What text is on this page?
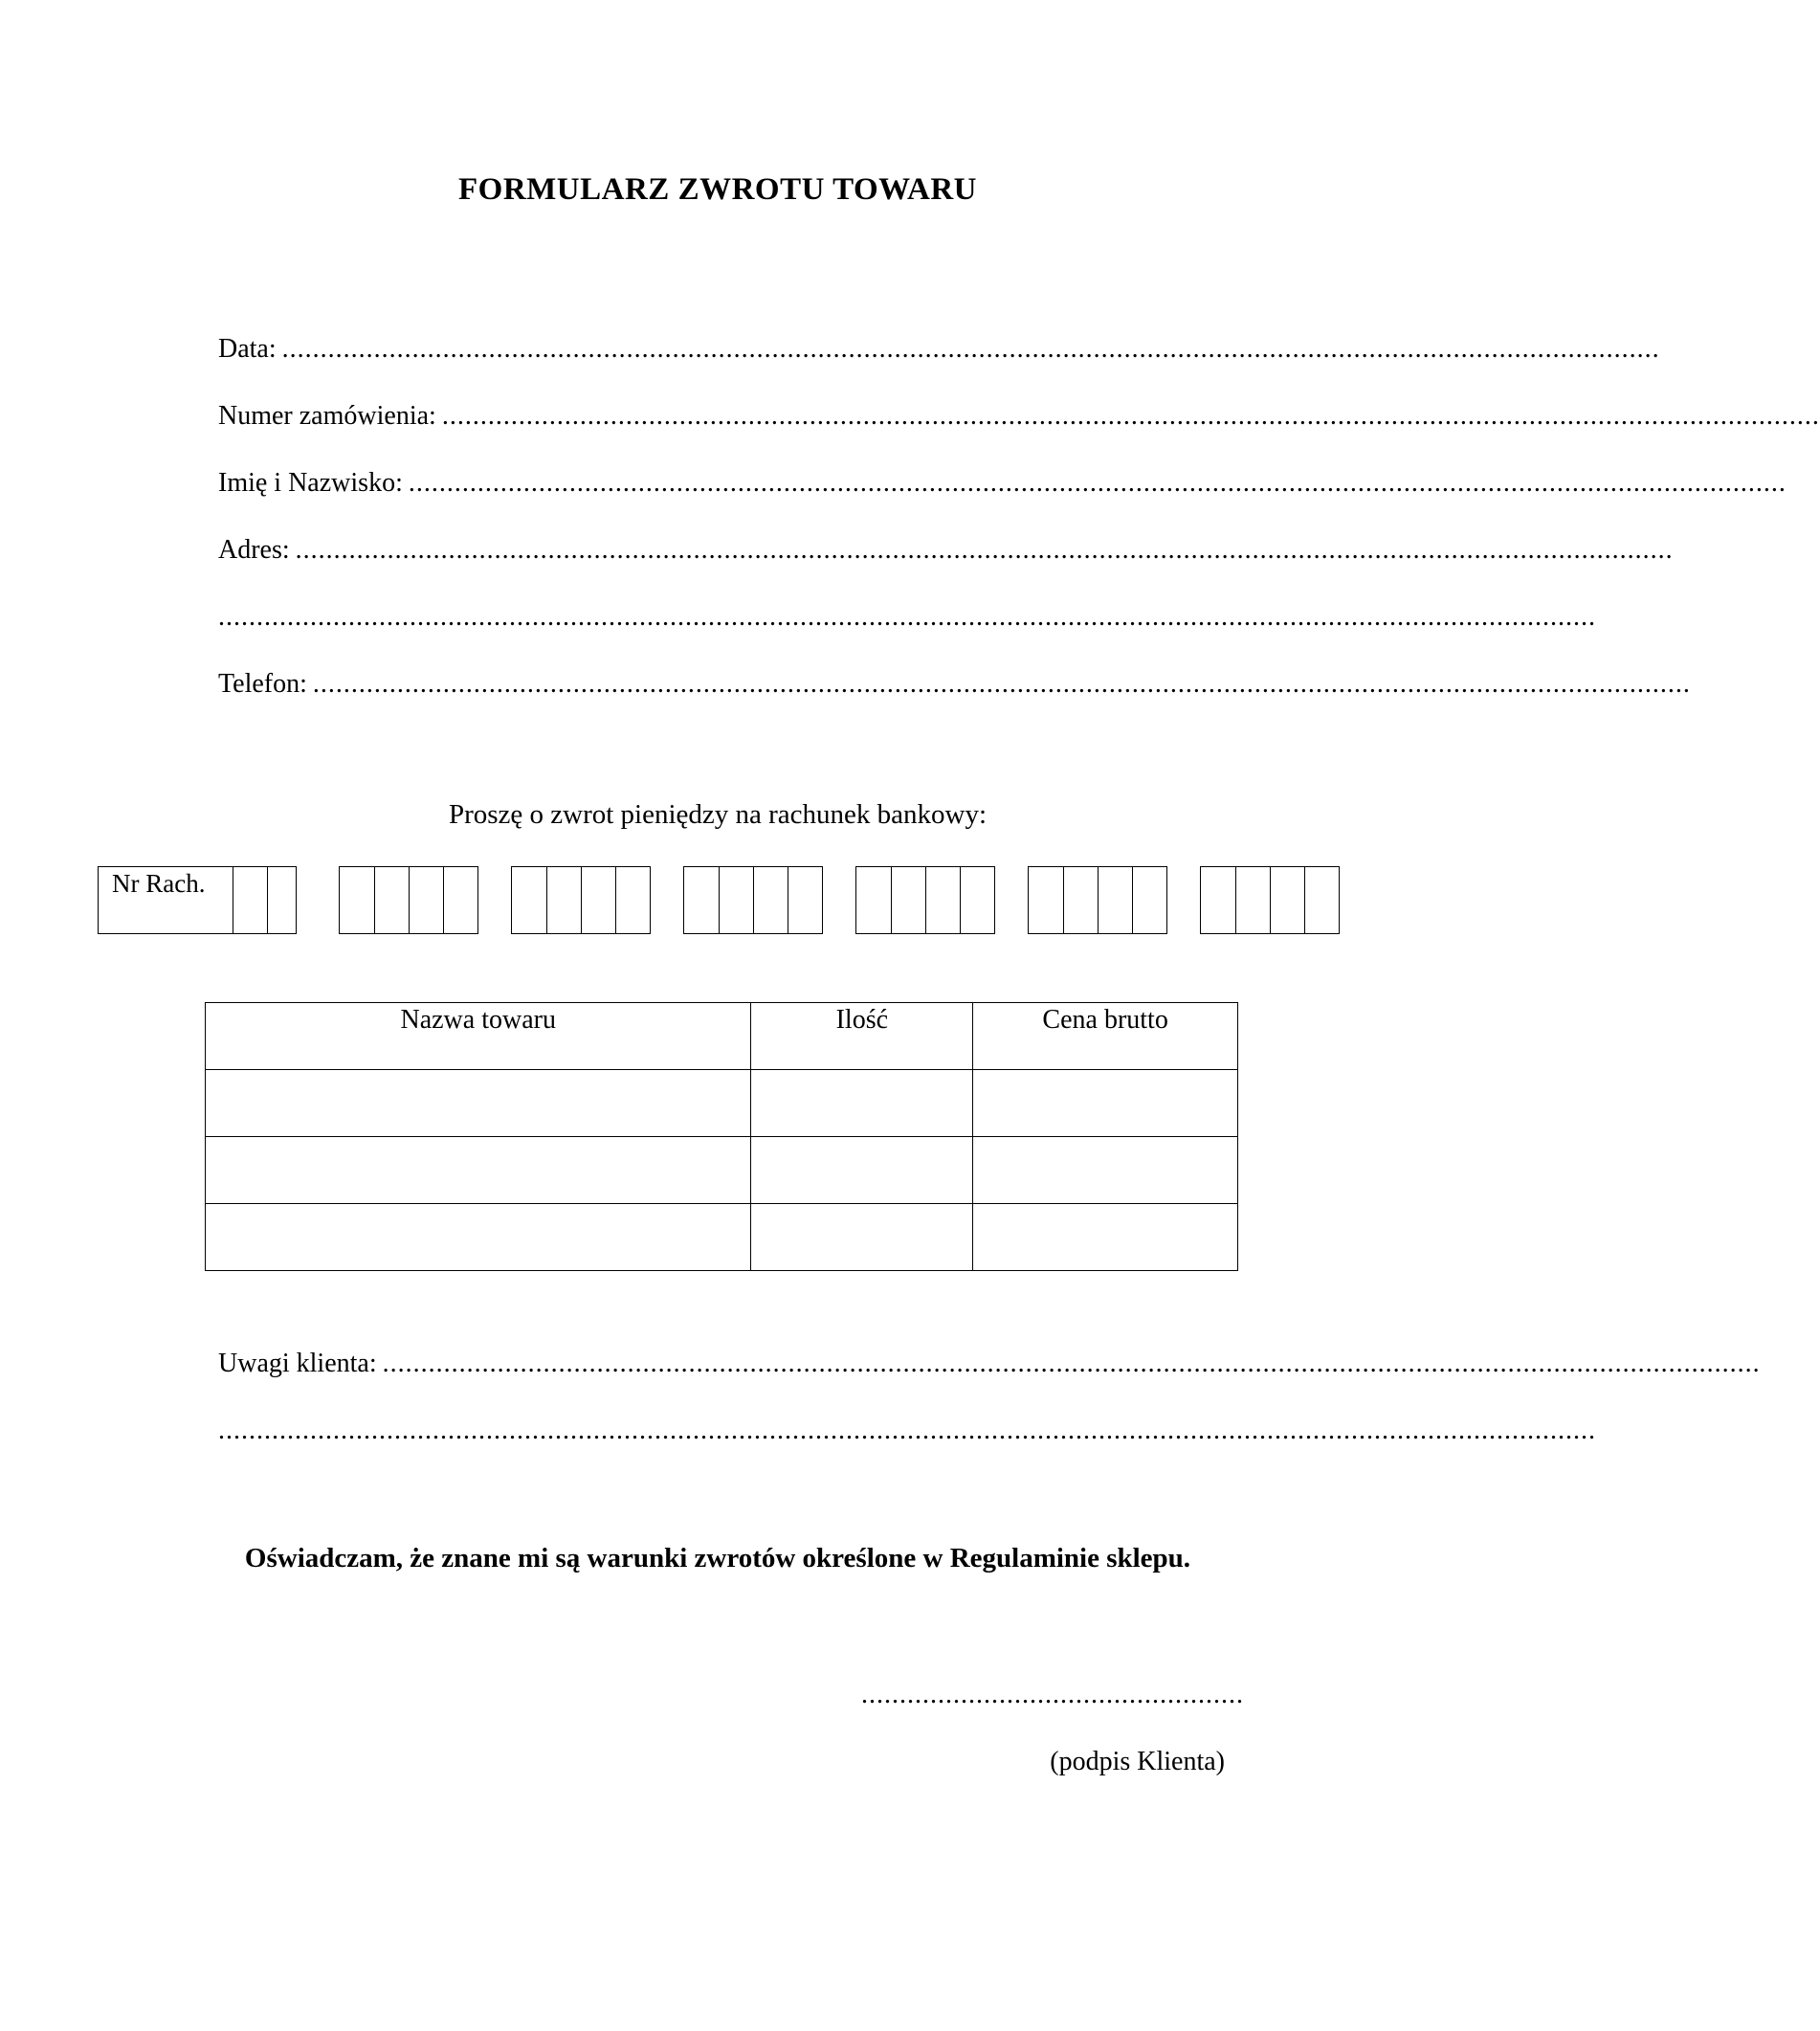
FORMULARZ ZWROTU TOWARU
Data: ....................................................................................................................................................................................
Numer zamówienia: ....................................................................................................................................................................................
Imię i Nazwisko: ....................................................................................................................................................................................
Adres: ....................................................................................................................................................................................
....................................................................................................................................................................................
Telefon: ....................................................................................................................................................................................
Proszę o zwrot pieniędzy na rachunek bankowy:
Nr Rach.
Nazwa towaru	Ilość	Cena brutto

Uwagi klienta: ....................................................................................................................................................................................
....................................................................................................................................................................................
Oświadczam, że znane mi są warunki zwrotów określone w Regulaminie sklepu.
..................................................
(podpis Klienta)
